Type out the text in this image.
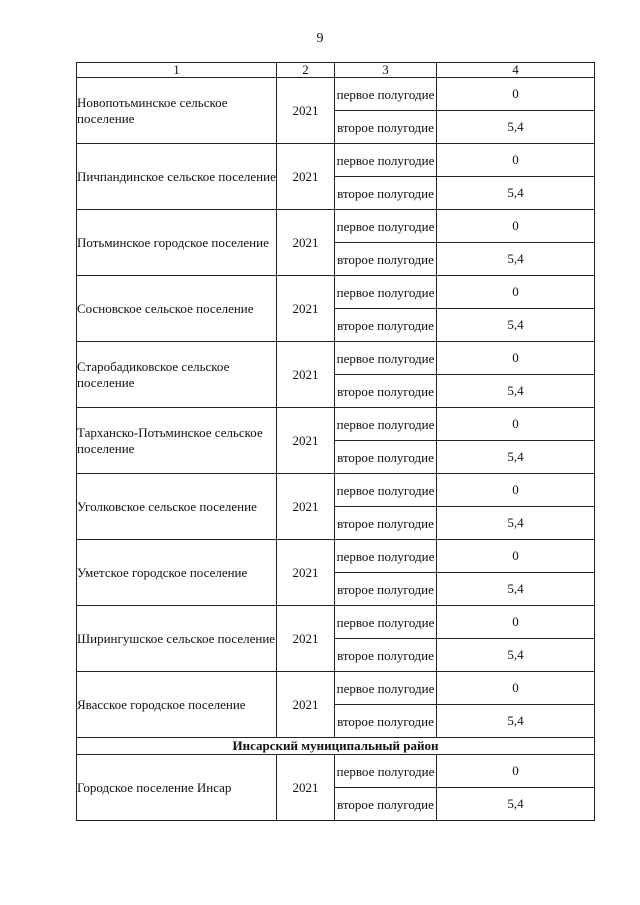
9
1	2	3	4
Новопотьминское сельское поселение	2021	первое полугодие	0
		второе полугодие	5,4
Пичпандинское сельское поселение	2021	первое полугодие	0
		второе полугодие	5,4
Потьминское городское поселение	2021	первое полугодие	0
		второе полугодие	5,4
Сосновское сельское поселение	2021	первое полугодие	0
		второе полугодие	5,4
Старобадиковское сельское поселение	2021	первое полугодие	0
		второе полугодие	5,4
Тарханско-Потьминское сельское поселение	2021	первое полугодие	0
		второе полугодие	5,4
Уголковское сельское поселение	2021	первое полугодие	0
		второе полугодие	5,4
Уметское городское поселение	2021	первое полугодие	0
		второе полугодие	5,4
Ширингушское сельское поселение	2021	первое полугодие	0
		второе полугодие	5,4
Явасское городское поселение	2021	первое полугодие	0
		второе полугодие	5,4
Инсарский муниципальный район			
Городское поселение Инсар	2021	первое полугодие	0
		второе полугодие	5,4
